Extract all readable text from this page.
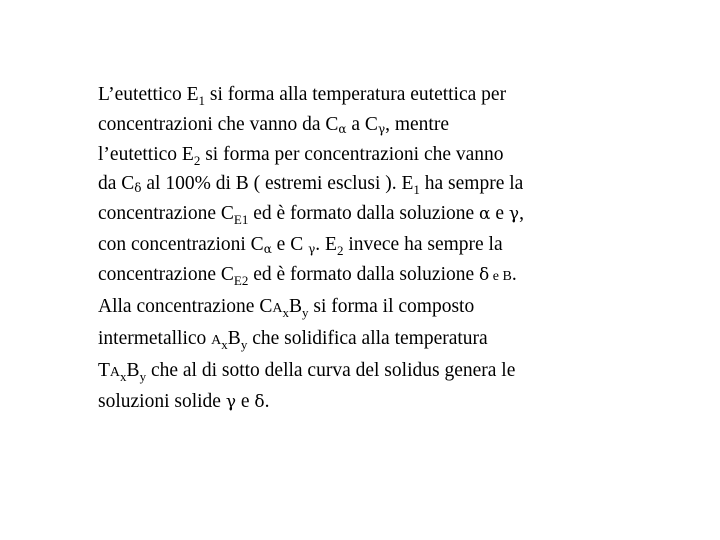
L’eutettico $E_1$ si forma alla temperatura eutettica per
concentrazioni che vanno da Cα a Cγ, mentre
l’eutettico $E_2$ si forma per concentrazioni che vanno
da Cδ al 100% di B ( estremi esclusi ). $E_1$ ha sempre la
concentrazione $C_{E1}$ ed è formato dalla soluzione α e γ,
con concentrazioni Cα e C γ. $E_2$ invece ha sempre la
concentrazione $C_{E2}$ ed è formato dalla soluzione δ e B.
Alla concentrazione $CA_xB_y$ si forma il composto
intermetallico $A_xB_y$ che solidifica alla temperatura
$TA_xB_y$ che al di sotto della curva del solidus genera le
soluzioni solide γ e δ.
